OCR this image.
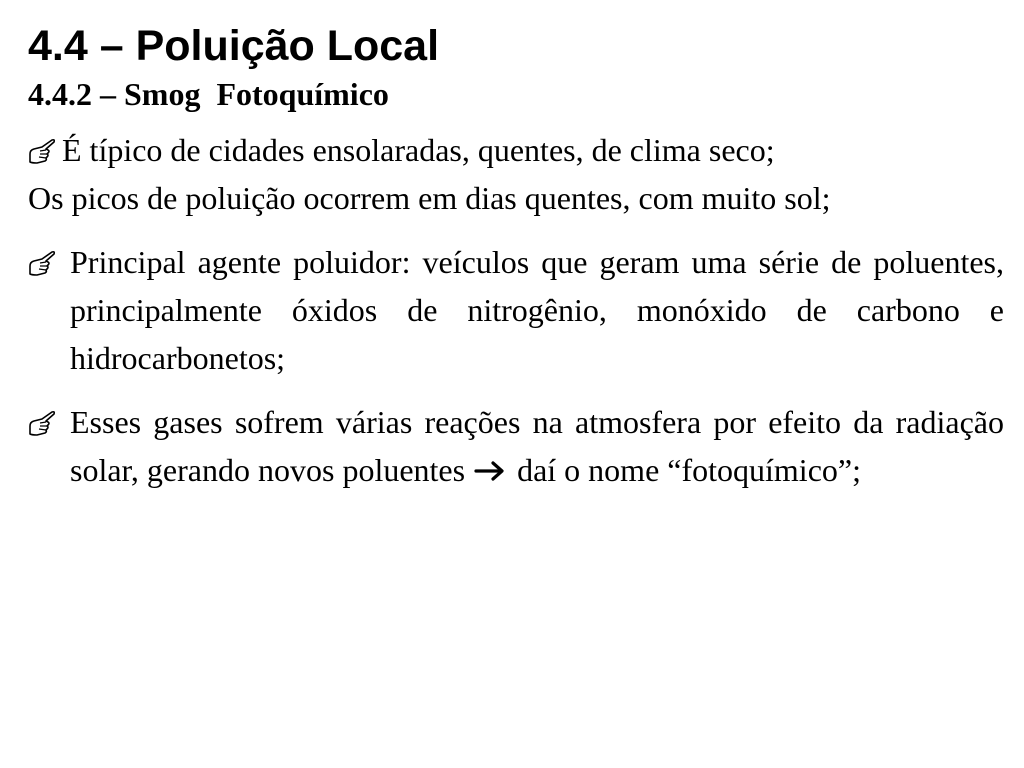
4.4 – Poluição Local
4.4.2 – Smog  Fotoquímico
É típico de cidades ensolaradas, quentes, de clima seco;
Os picos de poluição ocorrem em dias quentes, com muito sol;
Principal agente poluidor: veículos que geram uma série de poluentes, principalmente óxidos de nitrogênio, monóxido de carbono e hidrocarbonetos;
Esses gases sofrem várias reações na atmosfera por efeito da radiação solar, gerando novos poluentes daí o nome “fotoquímico”;
